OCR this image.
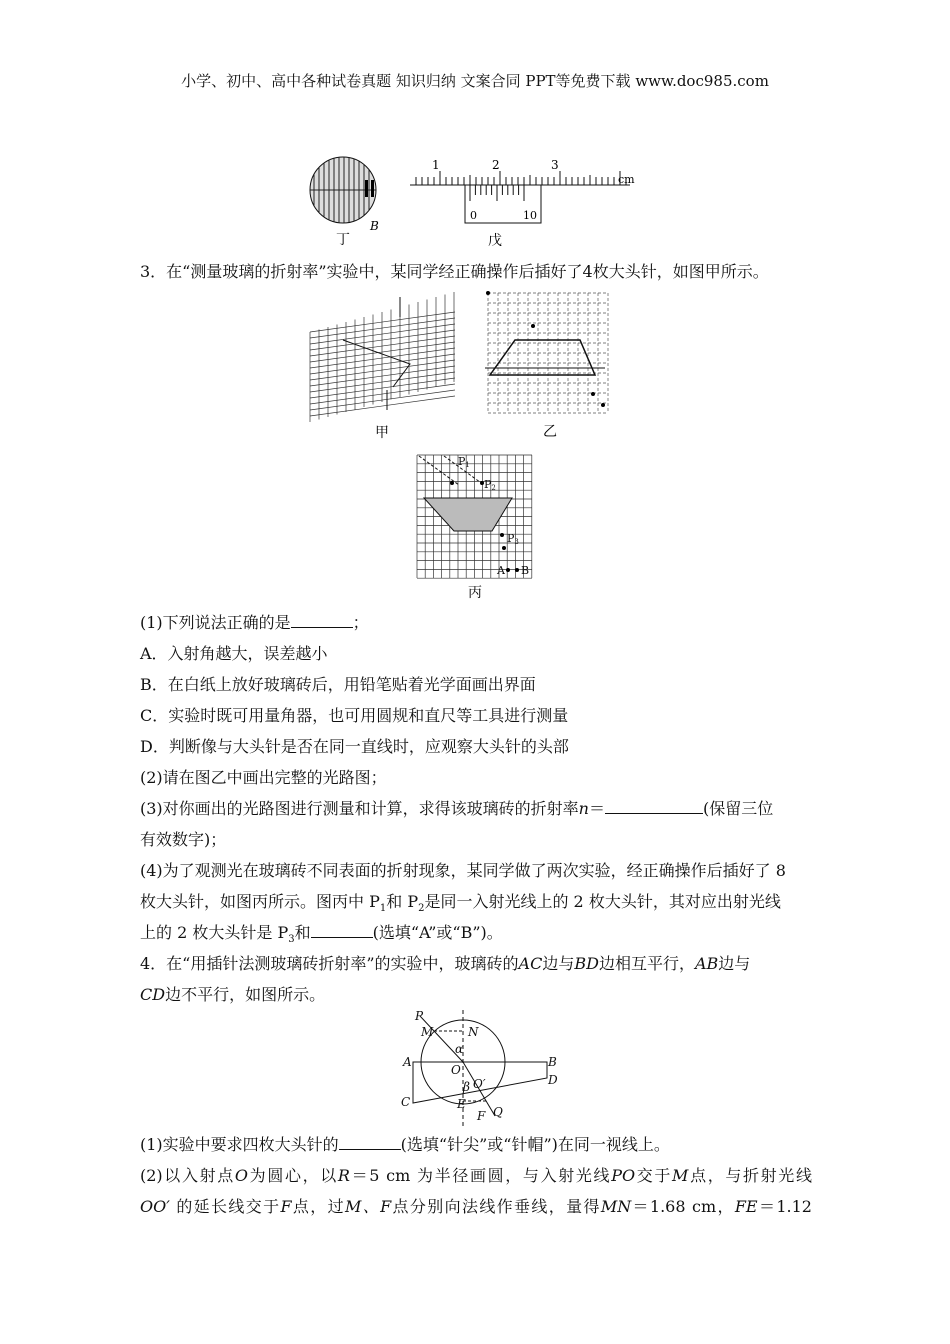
小学、初中、高中各种试卷真题 知识归纳 文案合同 PPT等免费下载 www.doc985.com
B
丁
1	2	3
cm
0	10
戊
3．在“测量玻璃的折射率”实验中，某同学经正确操作后插好了4枚大头针，如图甲所示。
甲	乙
P1
P2
P3
A B
丙
(1)下列说法正确的是	；
A．入射角越大，误差越小
B．在白纸上放好玻璃砖后，用铅笔贴着光学面画出界面
C．实验时既可用量角器，也可用圆规和直尺等工具进行测量
D．判断像与大头针是否在同一直线时，应观察大头针的头部
(2)请在图乙中画出完整的光路图；
(3)对你画出的光路图进行测量和计算，求得该玻璃砖的折射率n＝	(保留三位
有效数字)；
(4)为了观测光在玻璃砖不同表面的折射现象，某同学做了两次实验，经正确操作后插好了 8
枚大头针，如图丙所示。图丙中 $P_1$和 $P_2$是同一入射光线上的 2 枚大头针，其对应出射光线
上的 2 枚大头针是 $P_3$和	(选填“A”或“B”)。
4．在“用插针法测玻璃砖折射率”的实验中，玻璃砖的AC边与BD边相互平行，AB边与
CD边不平行，如图所示。
P
M	N
α
A	B
O
O′
β	D
C	E
F Q
(1)实验中要求四枚大头针的	(选填“针尖”或“针帽”)在同一视线上。
(2)以入射点O为圆心，以R＝5 cm 为半径画圆，与入射光线PO交于M点，与折射光线
OO′ 的延长线交于F点，过M、F点分别向法线作垂线，量得MN＝1.68 cm，FE＝1.12
